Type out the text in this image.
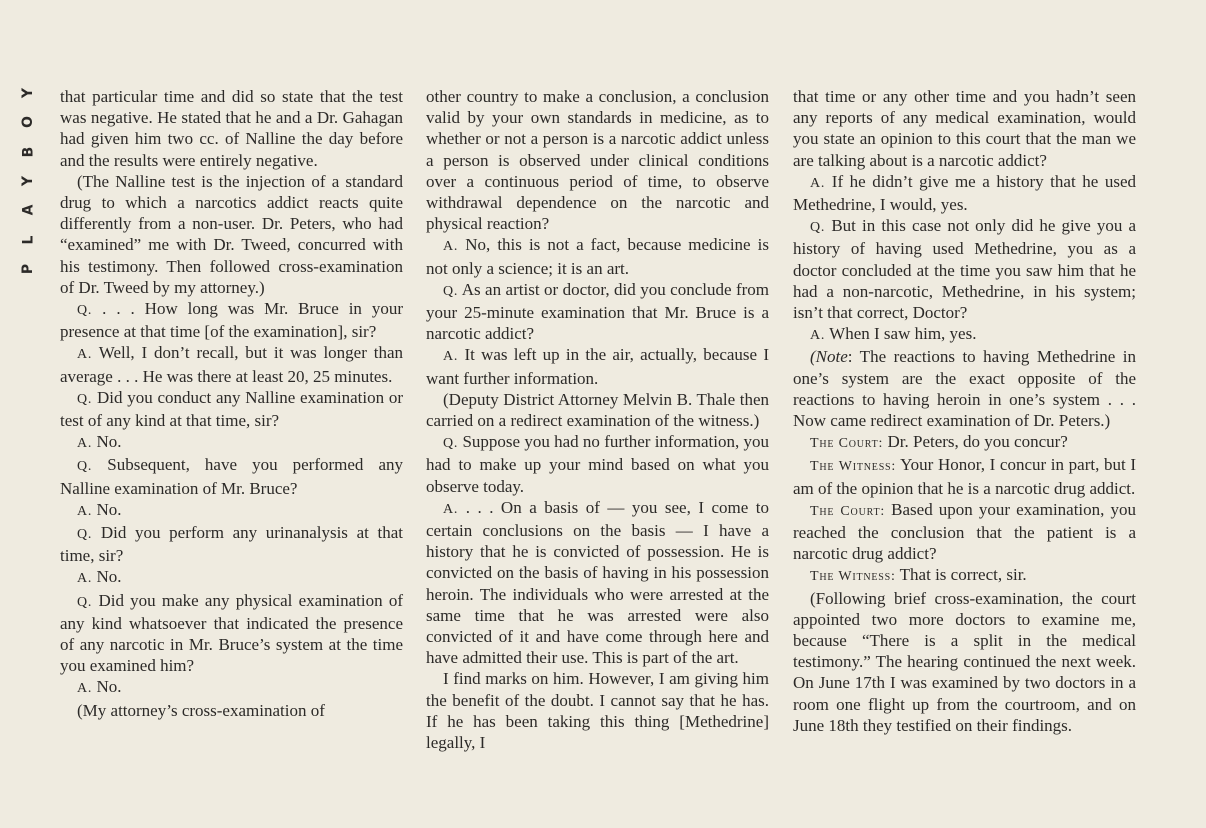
Y
O
B
Y
A
L
P

that particular time and did so state that the test was negative. He stated that he and a Dr. Gahagan had given him two cc. of Nalline the day before and the results were entirely negative.

(The Nalline test is the injection of a standard drug to which a narcotics addict reacts quite differently from a non-user. Dr. Peters, who had “examined” me with Dr. Tweed, concurred with his testimony. Then followed cross-examination of Dr. Tweed by my attorney.)

Q. . . . How long was Mr. Bruce in your presence at that time [of the examination], sir?

A. Well, I don’t recall, but it was longer than average . . . He was there at least 20, 25 minutes.

Q. Did you conduct any Nalline examination or test of any kind at that time, sir?

A. No.

Q. Subsequent, have you performed any Nalline examination of Mr. Bruce?

A. No.

Q. Did you perform any urinanalysis at that time, sir?

A. No.

Q. Did you make any physical examination of any kind whatsoever that indicated the presence of any narcotic in Mr. Bruce’s system at the time you examined him?

A. No.

(My attorney’s cross-examination of

other country to make a conclusion, a conclusion valid by your own standards in medicine, as to whether or not a person is a narcotic addict unless a person is observed under clinical conditions over a continuous period of time, to observe withdrawal dependence on the narcotic and physical reaction?

A. No, this is not a fact, because medicine is not only a science; it is an art.

Q. As an artist or doctor, did you conclude from your 25-minute examination that Mr. Bruce is a narcotic addict?

A. It was left up in the air, actually, because I want further information.

(Deputy District Attorney Melvin B. Thale then carried on a redirect examination of the witness.)

Q. Suppose you had no further information, you had to make up your mind based on what you observe today.

A. . . . On a basis of — you see, I come to certain conclusions on the basis — I have a history that he is convicted of possession. He is convicted on the basis of having in his possession heroin. The individuals who were arrested at the same time that he was arrested were also convicted of it and have come through here and have admitted their use. This is part of the art.

I find marks on him. However, I am giving him the benefit of the doubt. I cannot say that he has. If he has been taking this thing [Methedrine] legally, I

that time or any other time and you hadn’t seen any reports of any medical examination, would you state an opinion to this court that the man we are talking about is a narcotic addict?

A. If he didn’t give me a history that he used Methedrine, I would, yes.

Q. But in this case not only did he give you a history of having used Methedrine, you as a doctor concluded at the time you saw him that he had a non-narcotic, Methedrine, in his system; isn’t that correct, Doctor?

A. When I saw him, yes.

(Note: The reactions to having Methedrine in one’s system are the exact opposite of the reactions to having heroin in one’s system . . . Now came redirect examination of Dr. Peters.)

The Court: Dr. Peters, do you concur?

The Witness: Your Honor, I concur in part, but I am of the opinion that he is a narcotic drug addict.

The Court: Based upon your examination, you reached the conclusion that the patient is a narcotic drug addict?

The Witness: That is correct, sir.

(Following brief cross-examination, the court appointed two more doctors to examine me, because “There is a split in the medical testimony.” The hearing continued the next week. On June 17th I was examined by two doctors in a room one flight up from the courtroom, and on June 18th they testified on their findings.
